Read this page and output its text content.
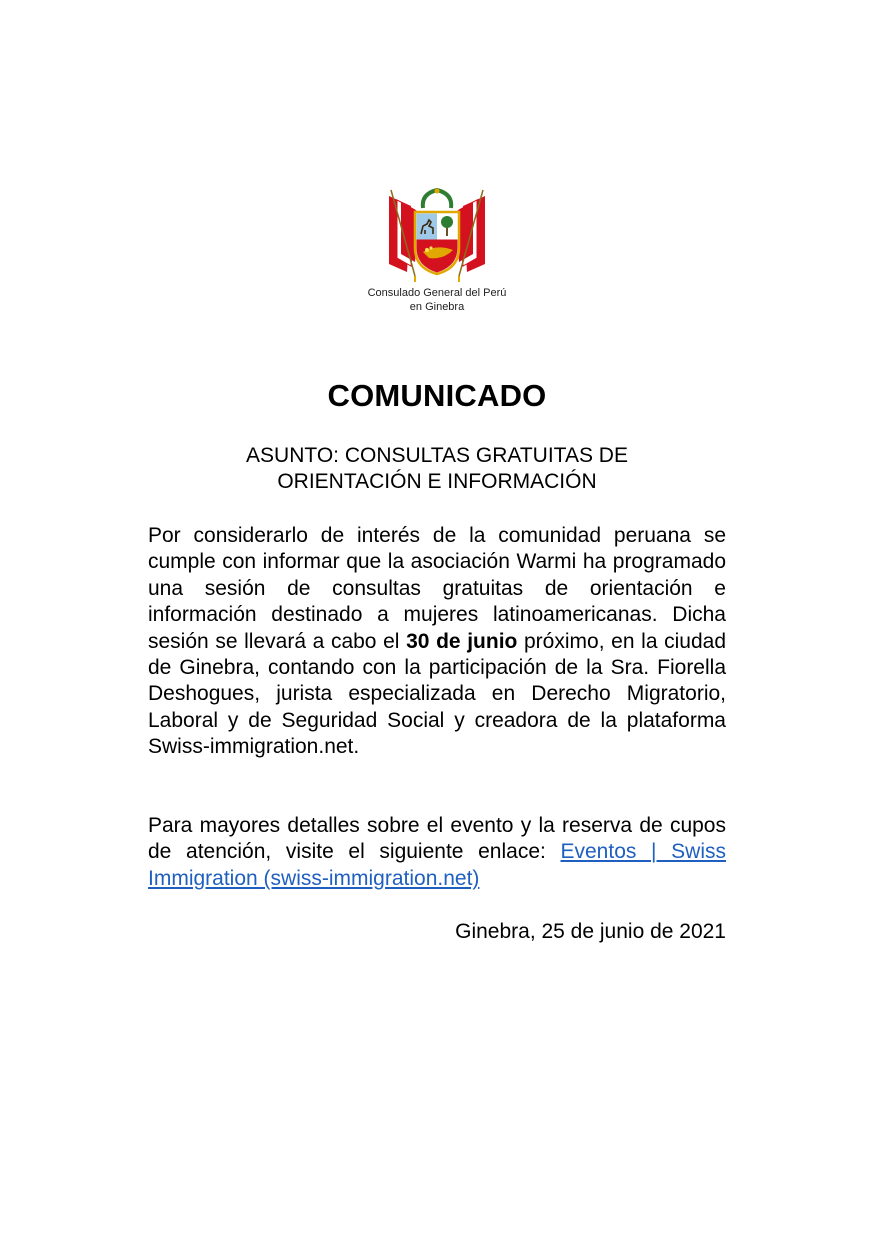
Consulado General del Perú
en Ginebra
COMUNICADO
ASUNTO: CONSULTAS GRATUITAS DE
ORIENTACIÓN E INFORMACIÓN
Por considerarlo de interés de la comunidad peruana se cumple con informar que la asociación Warmi ha programado una sesión de consultas gratuitas de orientación e información destinado a mujeres latinoamericanas. Dicha sesión se llevará a cabo el 30 de junio próximo, en la ciudad de Ginebra, contando con la participación de la Sra. Fiorella Deshogues, jurista especializada en Derecho Migratorio, Laboral y de Seguridad Social y creadora de la plataforma Swiss-immigration.net.
Para mayores detalles sobre el evento y la reserva de cupos de atención, visite el siguiente enlace: Eventos | Swiss Immigration (swiss-immigration.net)
Ginebra, 25 de junio de 2021
